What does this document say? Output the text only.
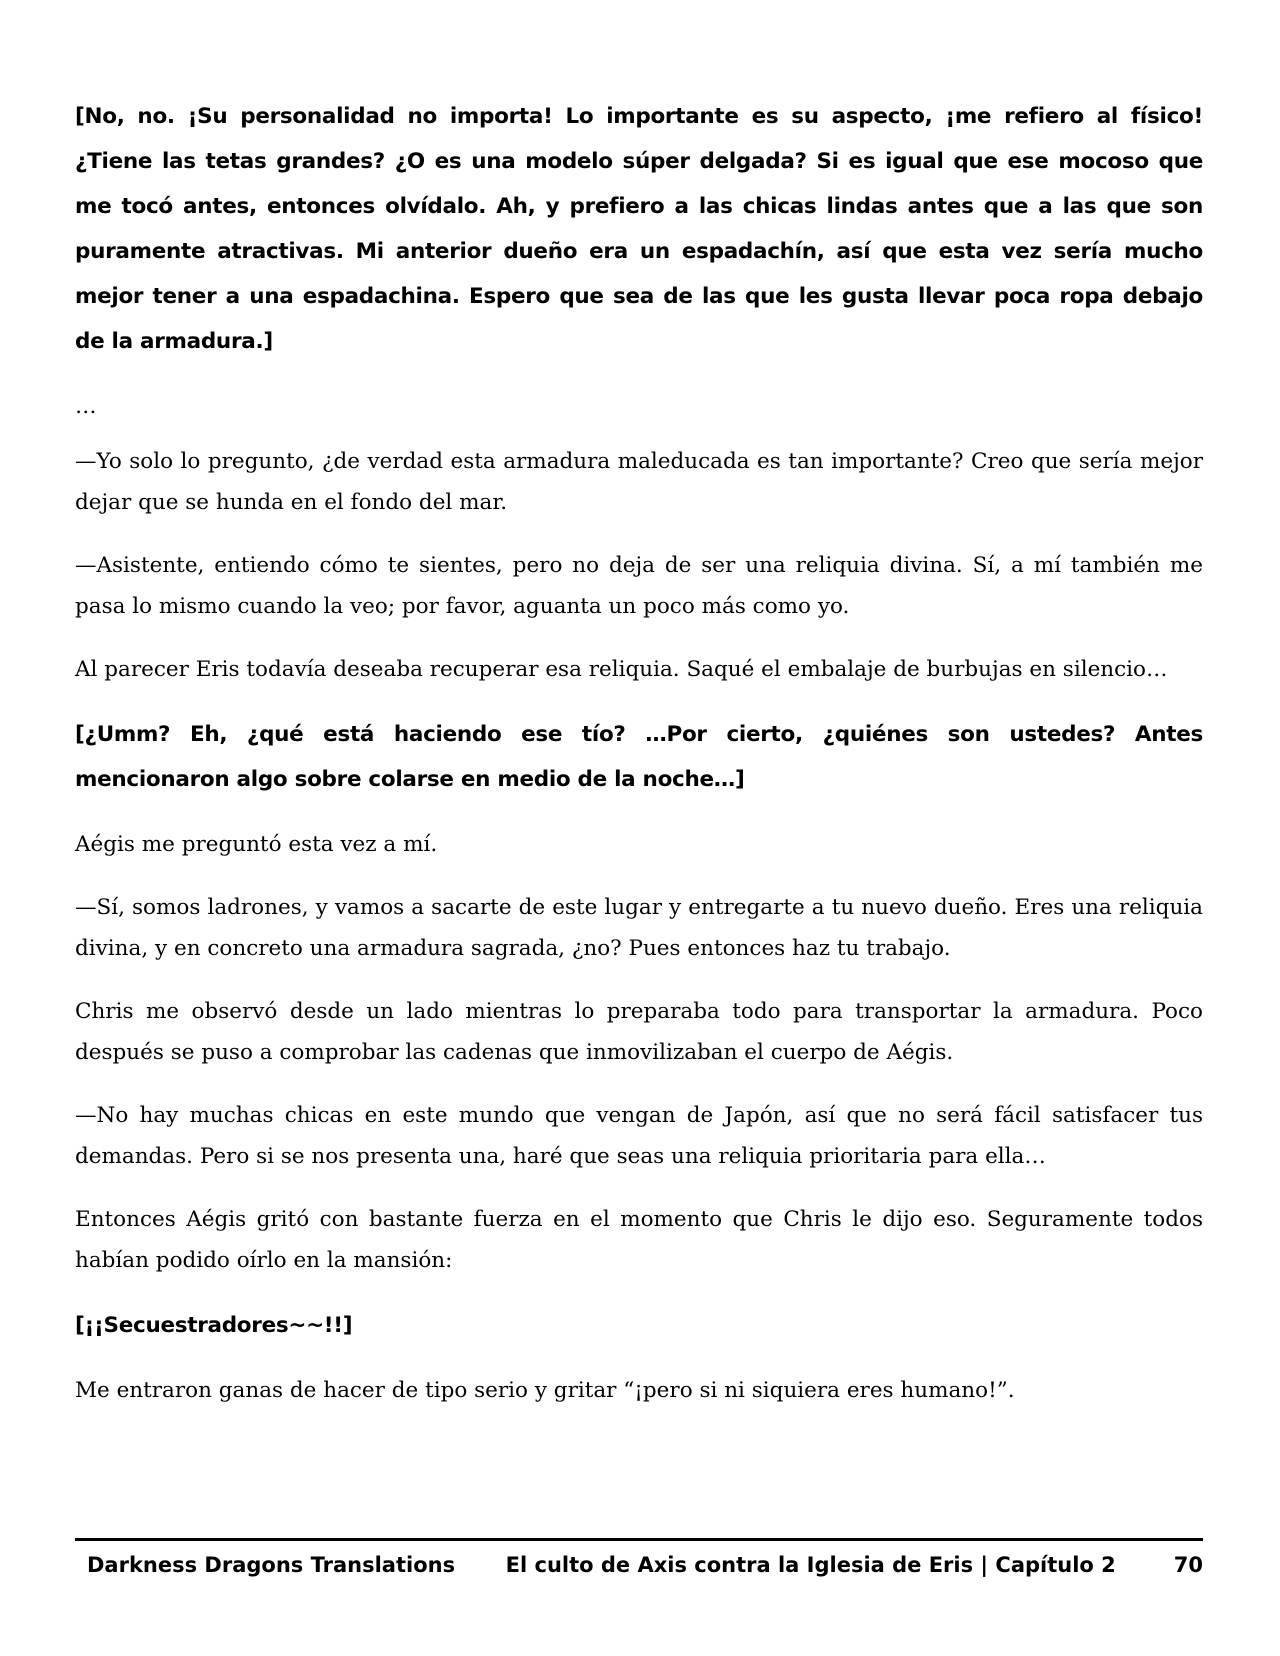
[No, no. ¡Su personalidad no importa! Lo importante es su aspecto, ¡me refiero al físico! ¿Tiene las tetas grandes? ¿O es una modelo súper delgada? Si es igual que ese mocoso que me tocó antes, entonces olvídalo. Ah, y prefiero a las chicas lindas antes que a las que son puramente atractivas. Mi anterior dueño era un espadachín, así que esta vez sería mucho mejor tener a una espadachina. Espero que sea de las que les gusta llevar poca ropa debajo de la armadura.]

…

—Yo solo lo pregunto, ¿de verdad esta armadura maleducada es tan importante? Creo que sería mejor dejar que se hunda en el fondo del mar.

—Asistente, entiendo cómo te sientes, pero no deja de ser una reliquia divina. Sí, a mí también me pasa lo mismo cuando la veo; por favor, aguanta un poco más como yo.

Al parecer Eris todavía deseaba recuperar esa reliquia. Saqué el embalaje de burbujas en silencio…

[¿Umm? Eh, ¿qué está haciendo ese tío? …Por cierto, ¿quiénes son ustedes? Antes mencionaron algo sobre colarse en medio de la noche…]

Aégis me preguntó esta vez a mí.

—Sí, somos ladrones, y vamos a sacarte de este lugar y entregarte a tu nuevo dueño. Eres una reliquia divina, y en concreto una armadura sagrada, ¿no? Pues entonces haz tu trabajo.

Chris me observó desde un lado mientras lo preparaba todo para transportar la armadura. Poco después se puso a comprobar las cadenas que inmovilizaban el cuerpo de Aégis.

—No hay muchas chicas en este mundo que vengan de Japón, así que no será fácil satisfacer tus demandas. Pero si se nos presenta una, haré que seas una reliquia prioritaria para ella…

Entonces Aégis gritó con bastante fuerza en el momento que Chris le dijo eso. Seguramente todos habían podido oírlo en la mansión:

[¡¡Secuestradores~~!!]

Me entraron ganas de hacer de tipo serio y gritar “¡pero si ni siquiera eres humano!”.

Darkness Dragons Translations El culto de Axis contra la Iglesia de Eris | Capítulo 2	70
